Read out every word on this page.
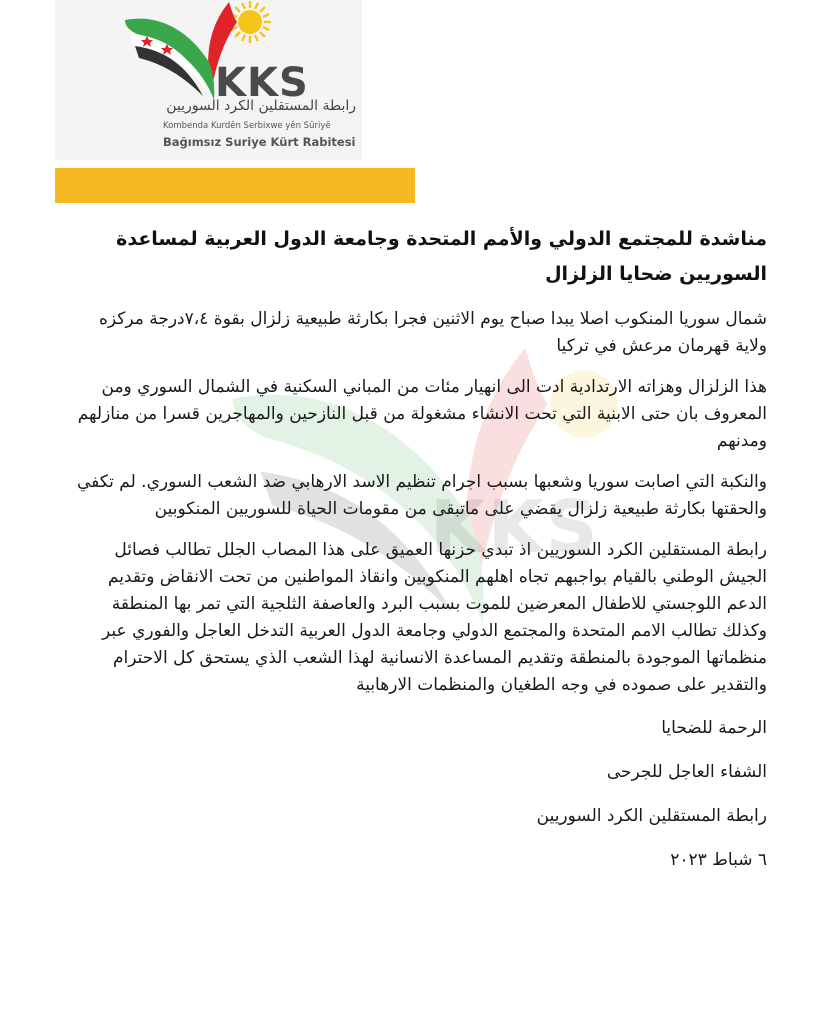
KKS
رابطة المستقلين الكرد السوريين
Kombenda Kurdên Serbixwe yên Sûriyê
Bağımsız Suriye Kürt Rabitesi
KKS
مناشدة للمجتمع الدولي والأمم المتحدة وجامعة الدول العربية لمساعدة السوريين ضحايا الزلزال
شمال سوريا المنكوب اصلا يبدا صباح يوم الاثنين فجرا بكارثة طبيعية زلزال بقوة ٧،٤درجة مركزه ولاية قهرمان مرعش في تركيا
هذا الزلزال وهزاته الارتدادية ادت الى انهيار مئات من المباني السكنية في الشمال السوري ومن المعروف بان حتى الابنية التي تحت الانشاء مشغولة من قبل النازحين والمهاجرين قسرا من منازلهم ومدنهم
والنكبة التي اصابت سوريا وشعبها بسبب اجرام تنظيم الاسد الارهابي ضد الشعب السوري. لم تكفي والحقتها بكارثة طبيعية زلزال يقضي على ماتبقى من مقومات الحياة للسوريين المنكوبين
رابطة المستقلين الكرد السوريين اذ تبدي حزنها العميق على هذا المصاب الجلل تطالب فصائل الجيش الوطني بالقيام بواجبهم تجاه اهلهم المنكوبين وانقاذ المواطنين من تحت الانقاض وتقديم الدعم اللوجستي للاطفال المعرضين للموت بسبب البرد والعاصفة الثلجية التي تمر بها المنطقة وكذلك تطالب الامم المتحدة والمجتمع الدولي وجامعة الدول العربية التدخل العاجل والفوري عبر منظماتها الموجودة بالمنطقة وتقديم المساعدة الانسانية لهذا الشعب الذي يستحق كل الاحترام والتقدير على صموده في وجه الطغيان والمنظمات الارهابية
الرحمة للضحايا
الشفاء العاجل للجرحى
رابطة المستقلين الكرد السوريين
٦ شباط ٢٠٢٣
